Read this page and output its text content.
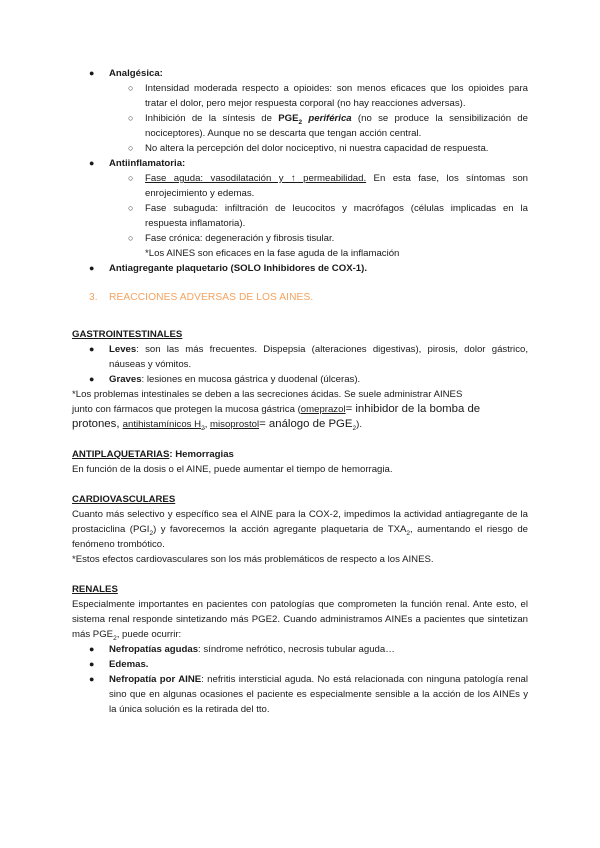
● Analgésica:
○ Intensidad moderada respecto a opioides: son menos eficaces que los opioides para tratar el dolor, pero mejor respuesta corporal (no hay reacciones adversas).
○ Inhibición de la síntesis de $PGE_2$ periférica (no se produce la sensibilización de nociceptores). Aunque no se descarta que tengan acción central.
○ No altera la percepción del dolor nociceptivo, ni nuestra capacidad de respuesta.
● Antiinflamatoria:
○ Fase aguda: vasodilatación y ↑ permeabilidad. En esta fase, los síntomas son enrojecimiento y edemas.
○ Fase subaguda: infiltración de leucocitos y macrófagos (células implicadas en la respuesta inflamatoria).
○ Fase crónica: degeneración y fibrosis tisular.
*Los AINES son eficaces en la fase aguda de la inflamación
● Antiagregante plaquetario (SOLO Inhibidores de COX-1).
3. REACCIONES ADVERSAS DE LOS AINES.
GASTROINTESTINALES
● Leves: son las más frecuentes. Dispepsia (alteraciones digestivas), pirosis, dolor gástrico, náuseas y vómitos.
● Graves: lesiones en mucosa gástrica y duodenal (úlceras).
*Los problemas intestinales se deben a las secreciones ácidas. Se suele administrar AINES
junto con fármacos que protegen la mucosa gástrica (omeprazol= inhibidor de la bomba de
protones, antihistamínicos $H_2$, misoprostol= análogo de $PGE_2$).
ANTIPLAQUETARIAS: Hemorragias
En función de la dosis o el AINE, puede aumentar el tiempo de hemorragia.
CARDIOVASCULARES
Cuanto más selectivo y específico sea el AINE para la COX-2, impedimos la actividad antiagregante de la prostaciclina $(PGI_2)$ y favorecemos la acción agregante plaquetaria de $TXA_2$, aumentando el riesgo de fenómeno trombótico.
*Estos efectos cardiovasculares son los más problemáticos de respecto a los AINES.
RENALES
Especialmente importantes en pacientes con patologías que comprometen la función renal. Ante esto, el sistema renal responde sintetizando más PGE2. Cuando administramos AINEs a pacientes que sintetizan más $PGE_2$, puede ocurrir:
● Nefropatías agudas: síndrome nefrótico, necrosis tubular aguda…
● Edemas.
● Nefropatía por AINE: nefritis intersticial aguda. No está relacionada con ninguna patología renal sino que en algunas ocasiones el paciente es especialmente sensible a la acción de los AINEs y la única solución es la retirada del tto.
